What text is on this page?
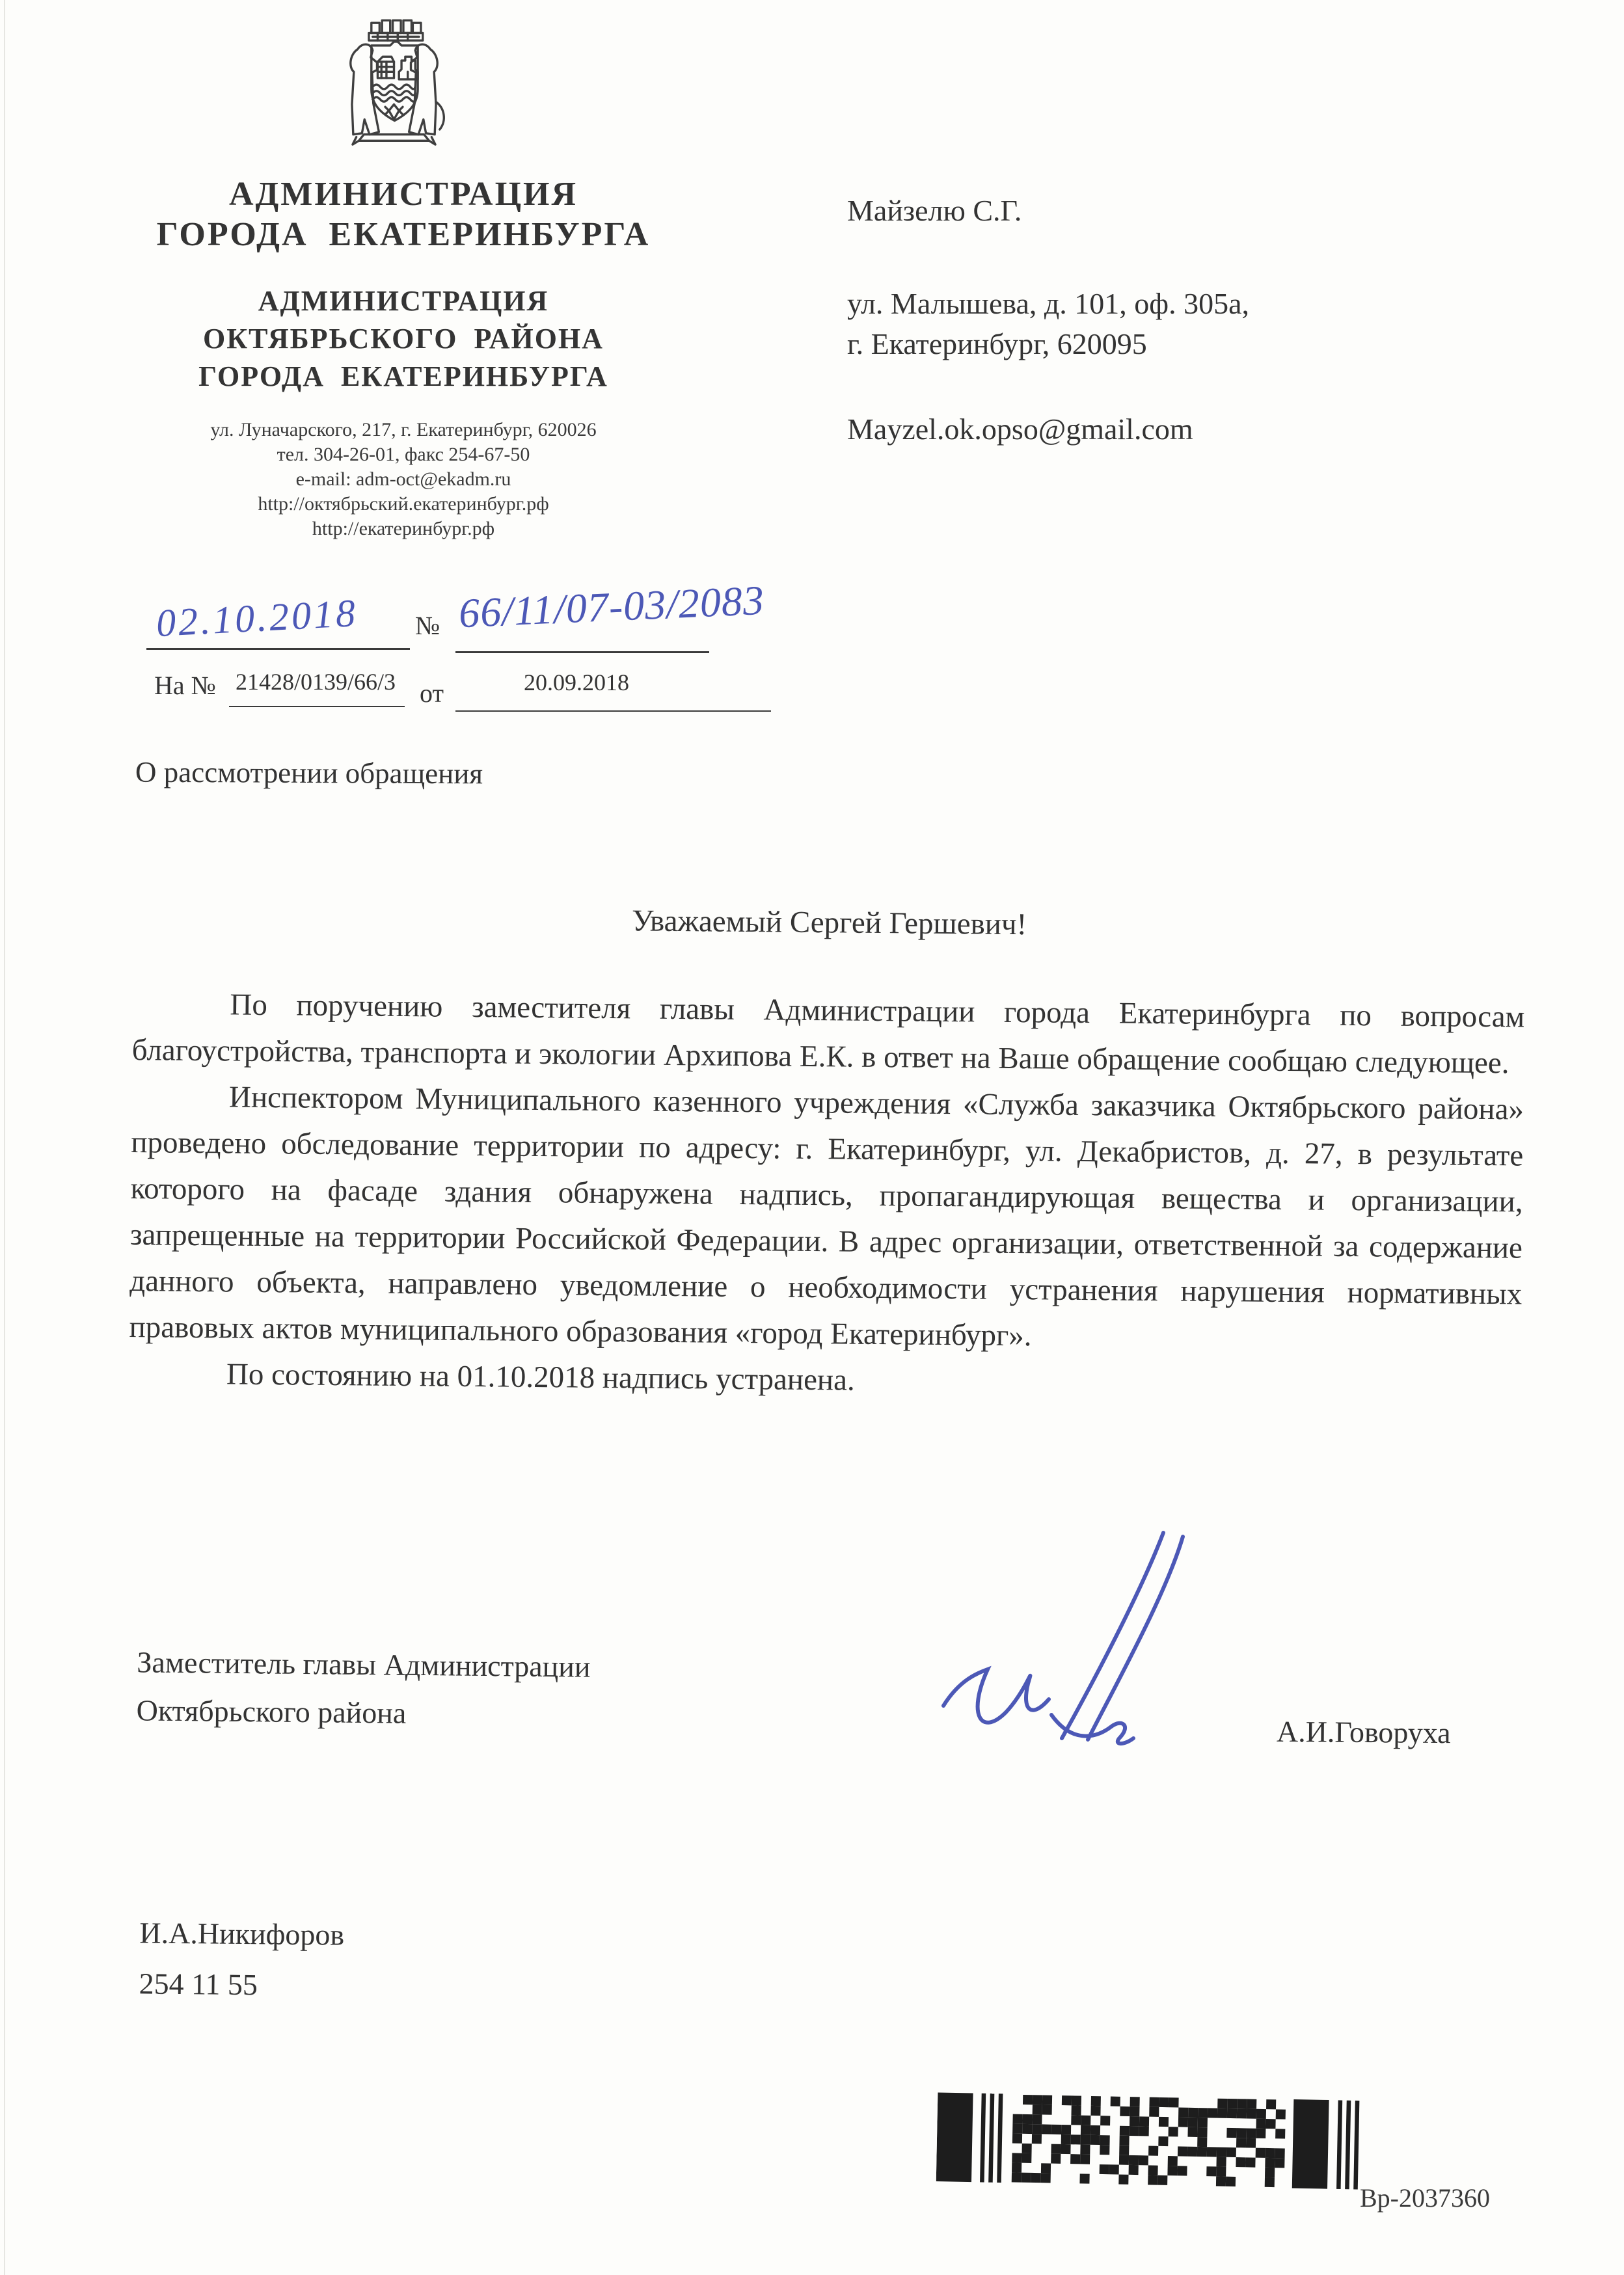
АДМИНИСТРАЦИЯ
ГОРОДА ЕКАТЕРИНБУРГА
АДМИНИСТРАЦИЯ
ОКТЯБРЬСКОГО РАЙОНА
ГОРОДА ЕКАТЕРИНБУРГА
ул. Луначарского, 217, г. Екатеринбург, 620026
тел. 304-26-01, факс 254-67-50
e-mail: adm-oct@ekadm.ru
http://октябрьский.екатеринбург.рф
http://екатеринбург.рф
Майзелю С.Г.
ул. Малышева, д. 101, оф. 305а,
г. Екатеринбург, 620095
Mayzel.ok.opso@gmail.com
02.10.2018 № 66/11/07-03/2083
На № 21428/0139/66/3 от	20.09.2018
О рассмотрении обращения
Уважаемый Сергей Гершевич!

По поручению заместителя главы Администрации города Екатеринбурга по вопросам благоустройства, транспорта и экологии Архипова Е.К. в ответ на Ваше обращение сообщаю следующее.

Инспектором Муниципального казенного учреждения «Служба заказчика Октябрьского района» проведено обследование территории по адресу: г. Екатеринбург, ул. Декабристов, д. 27, в результате которого на фасаде здания обнаружена надпись, пропагандирующая вещества и организации, запрещенные на территории Российской Федерации. В адрес организации, ответственной за содержание данного объекта, направлено уведомление о необходимости устранения нарушения нормативных правовых актов муниципального образования «город Екатеринбург».

По состоянию на 01.10.2018 надпись устранена.

Заместитель главы Администрации
Октябрьского района
А.И.Говоруха
И.А.Никифоров
254 11 55
Вр-2037360
